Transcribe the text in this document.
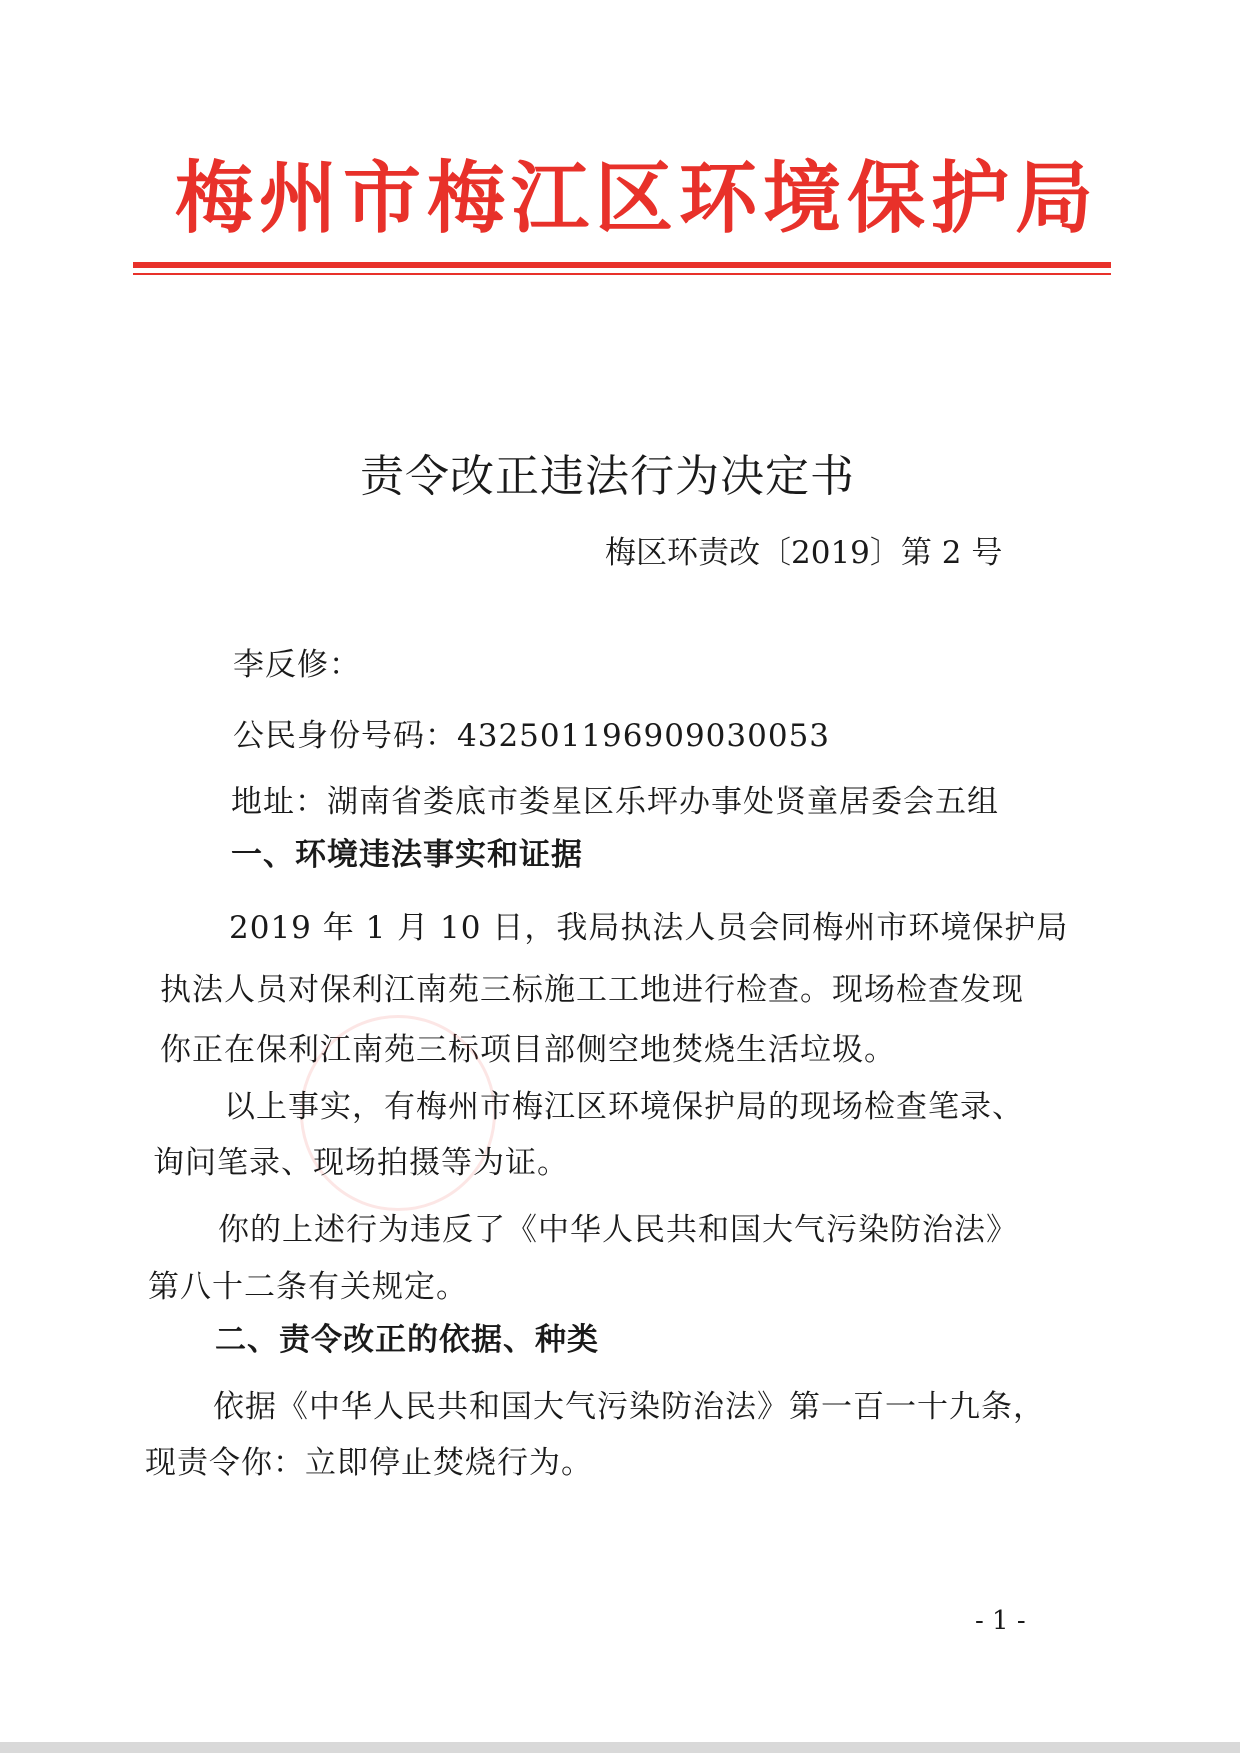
梅州市梅江区环境保护局
责令改正违法行为决定书
梅区环责改〔2019〕第 2 号
李反修：
公民身份号码：432501196909030053
地址：湖南省娄底市娄星区乐坪办事处贤童居委会五组
一、环境违法事实和证据
2019 年 1 月 10 日，我局执法人员会同梅州市环境保护局
执法人员对保利江南苑三标施工工地进行检查。现场检查发现
你正在保利江南苑三标项目部侧空地焚烧生活垃圾。
以上事实，有梅州市梅江区环境保护局的现场检查笔录、
询问笔录、现场拍摄等为证。
你的上述行为违反了《中华人民共和国大气污染防治法》
第八十二条有关规定。
二、责令改正的依据、种类
依据《中华人民共和国大气污染防治法》第一百一十九条，
现责令你：立即停止焚烧行为。
- 1 -
